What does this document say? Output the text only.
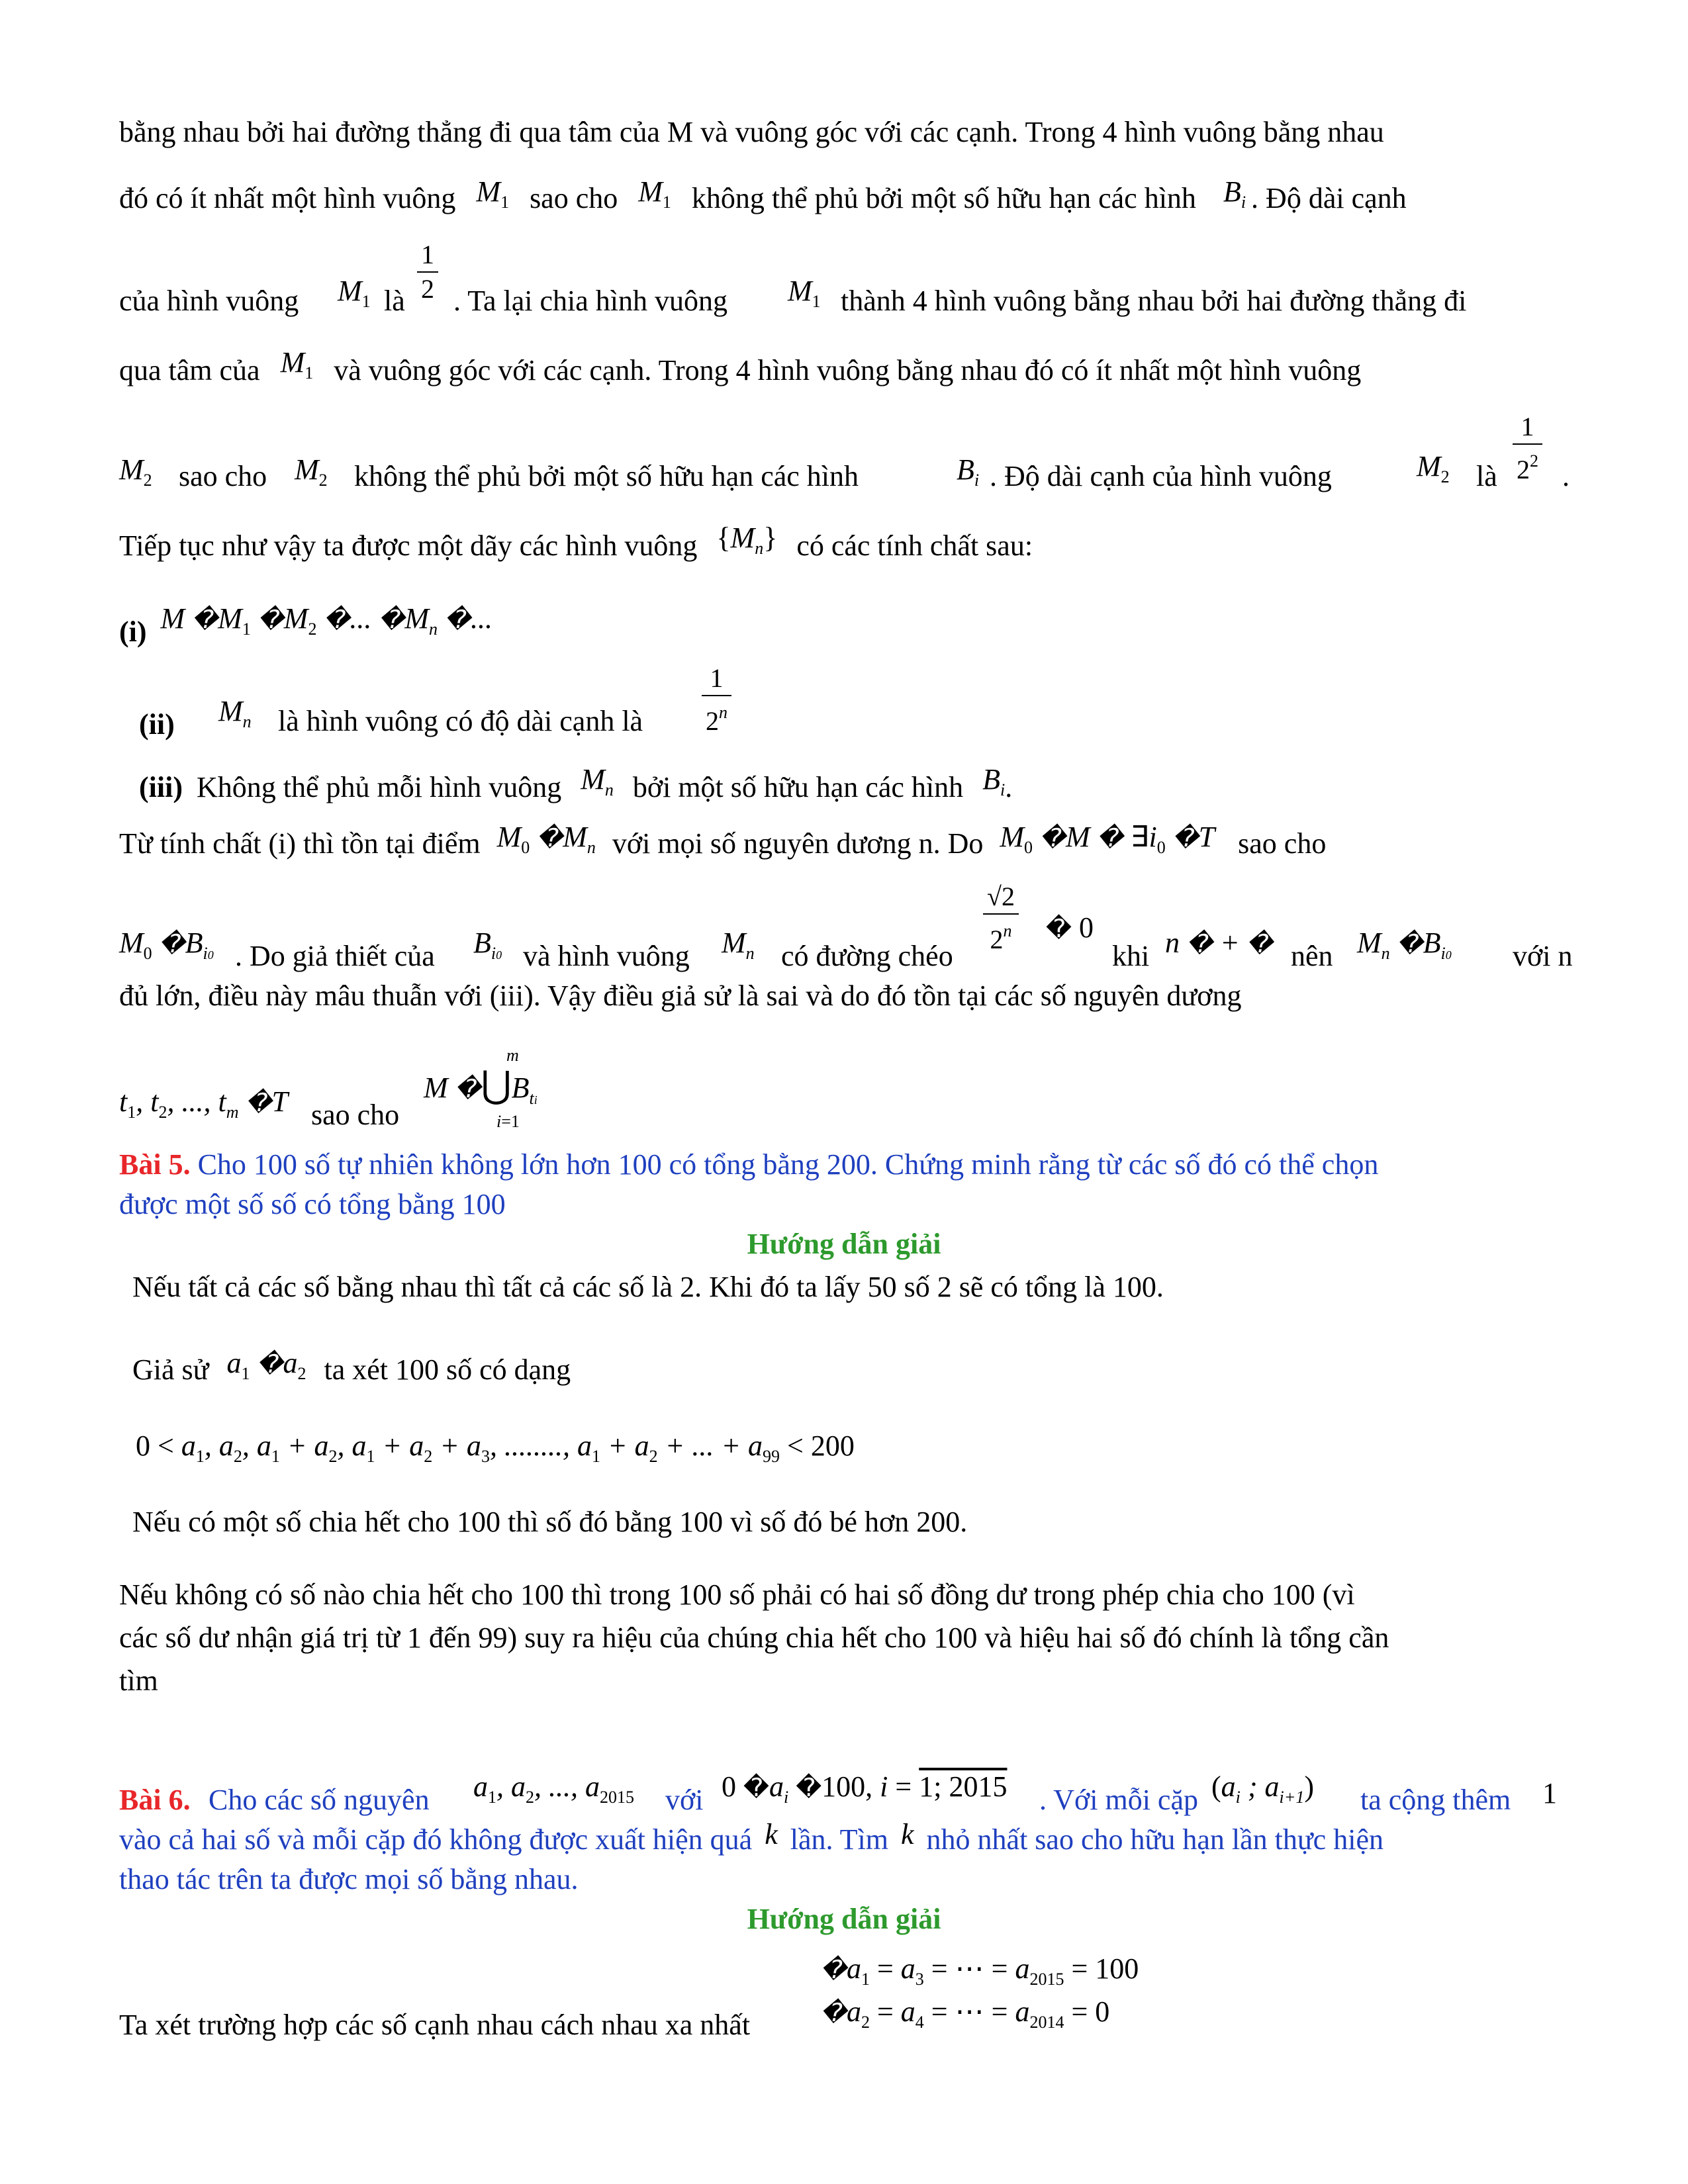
bằng nhau bởi hai đường thẳng đi qua tâm của M và vuông góc với các cạnh. Trong 4 hình vuông bằng nhau
đó có ít nhất một hình vuông $M_1$ sao cho $M_1$ không thể phủ bởi một số hữu hạn các hình $B_i$ . Độ dài cạnh
của hình vuông $M_1$ là $\frac{1}{2}$ . Ta lại chia hình vuông $M_1$ thành 4 hình vuông bằng nhau bởi hai đường thẳng đi
qua tâm của $M_1$ và vuông góc với các cạnh. Trong 4 hình vuông bằng nhau đó có ít nhất một hình vuông
$M_2$ sao cho $M_2$ không thể phủ bởi một số hữu hạn các hình	$B_i$ . Độ dài cạnh của hình vuông	$M_2$ là $\frac{1}{2^2}$ .
Tiếp tục như vậy ta được một dãy các hình vuông $\{M_n\}$ có các tính chất sau:
(i) M $�M_1$ $�M_2$ �... $�M_n$ �...
(ii) $M_n$ là hình vuông có độ dài cạnh là $\frac{1}{2^n}$
(iii) Không thể phủ mỗi hình vuông $M_n$ bởi một số hữu hạn các hình $B_i$.
Từ tính chất (i) thì tồn tại điểm $M_0$ $�M_n$ với mọi số nguyên dương n. Do $M_0$ �M � $\exists i_0$ �T sao cho
$M_0$ $�B_{i0}$ . Do giả thiết của $B_{i0}$ và hình vuông $M_n$ có đường chéo $\frac{√2}{2^n}$ � 0
khi n � + � nên $M_n$ $�B_{i0}$ với n
đủ lớn, điều này mâu thuẫn với (iii). Vậy điều giả sử là sai và do đó tồn tại các số nguyên dương
$t_1$, $t_2$, ..., $t_m$ �T sao cho
M $�⋃B_{ti}$
m
i=1
Bài 5. Cho 100 số tự nhiên không lớn hơn 100 có tổng bằng 200. Chứng minh rằng từ các số đó có thể chọn
được một số số có tổng bằng 100
Hướng dẫn giải
Nếu tất cả các số bằng nhau thì tất cả các số là 2. Khi đó ta lấy 50 số 2 sẽ có tổng là 100.
Giả sử $a_1$ $�a_2$ ta xét 100 số có dạng
$0 < a_1$, $a_2$, $a_1 + a_2$, $a_1 + a_2 + a_3$, ........, $a_1 + a_2$ + ... + $a_{99} < 200$
Nếu có một số chia hết cho 100 thì số đó bằng 100 vì số đó bé hơn 200.
Nếu không có số nào chia hết cho 100 thì trong 100 số phải có hai số đồng dư trong phép chia cho 100 (vì
các số dư nhận giá trị từ 1 đến 99) suy ra hiệu của chúng chia hết cho 100 và hiệu hai số đó chính là tổng cần
tìm
Bài 6. Cho các số nguyên $a_1$, $a_2$, ..., $a_{2015}$ với 0 $�a_i$ �100, i = 1; 2015 . Với mỗi cặp ($a_i$ ; $a_{i+1}$) ta cộng thêm 1
vào cả hai số và mỗi cặp đó không được xuất hiện quá k lần. Tìm k nhỏ nhất sao cho hữu hạn lần thực hiện
thao tác trên ta được mọi số bằng nhau.
Hướng dẫn giải
$�a_1 = a_3$ = ⋯ = $a_{2015} = 100$
$�a_2 = a_4$ = ⋯ = $a_{2014} = 0$
Ta xét trường hợp các số cạnh nhau cách nhau xa nhất
